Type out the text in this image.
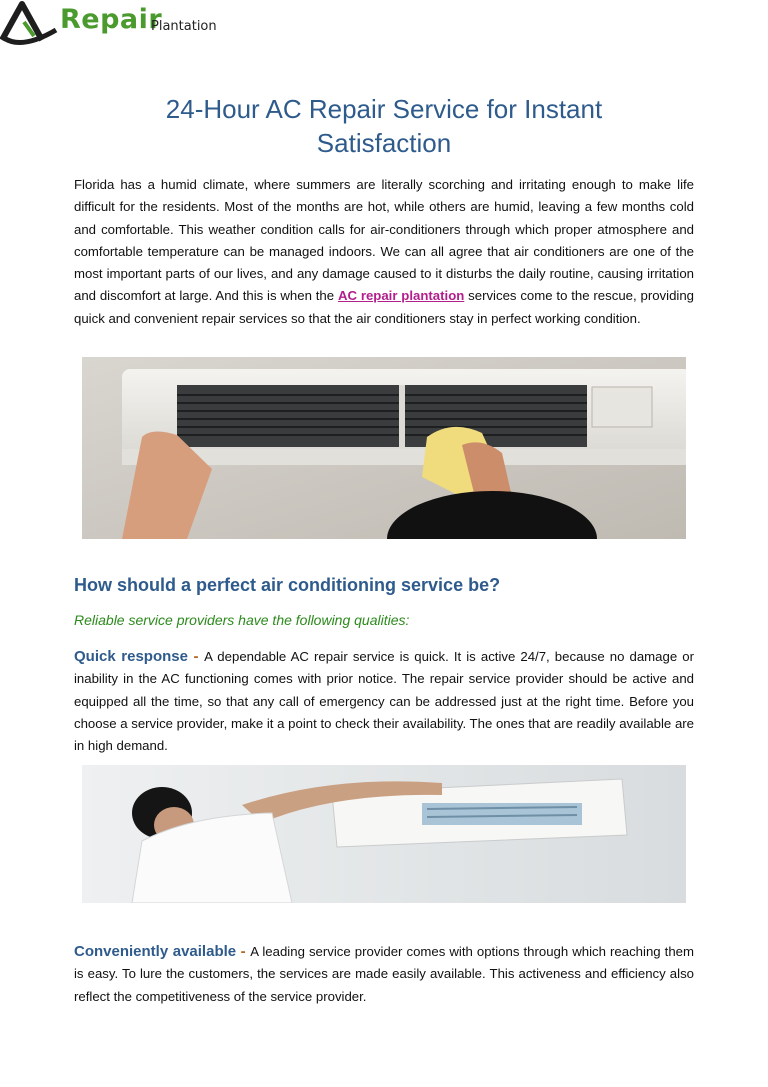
Repair
Plantation
24-Hour AC Repair Service for Instant Satisfaction
Florida has a humid climate, where summers are literally scorching and irritating enough to make life difficult for the residents. Most of the months are hot, while others are humid, leaving a few months cold and comfortable. This weather condition calls for air-conditioners through which proper atmosphere and comfortable temperature can be managed indoors. We can all agree that air conditioners are one of the most important parts of our lives, and any damage caused to it disturbs the daily routine, causing irritation and discomfort at large. And this is when the AC repair plantation services come to the rescue, providing quick and convenient repair services so that the air conditioners stay in perfect working condition.
How should a perfect air conditioning service be?
Reliable service providers have the following qualities:
Quick response - A dependable AC repair service is quick. It is active 24/7, because no damage or inability in the AC functioning comes with prior notice. The repair service provider should be active and equipped all the time, so that any call of emergency can be addressed just at the right time. Before you choose a service provider, make it a point to check their availability. The ones that are readily available are in high demand.
Conveniently available - A leading service provider comes with options through which reaching them is easy. To lure the customers, the services are made easily available. This activeness and efficiency also reflect the competitiveness of the service provider.
